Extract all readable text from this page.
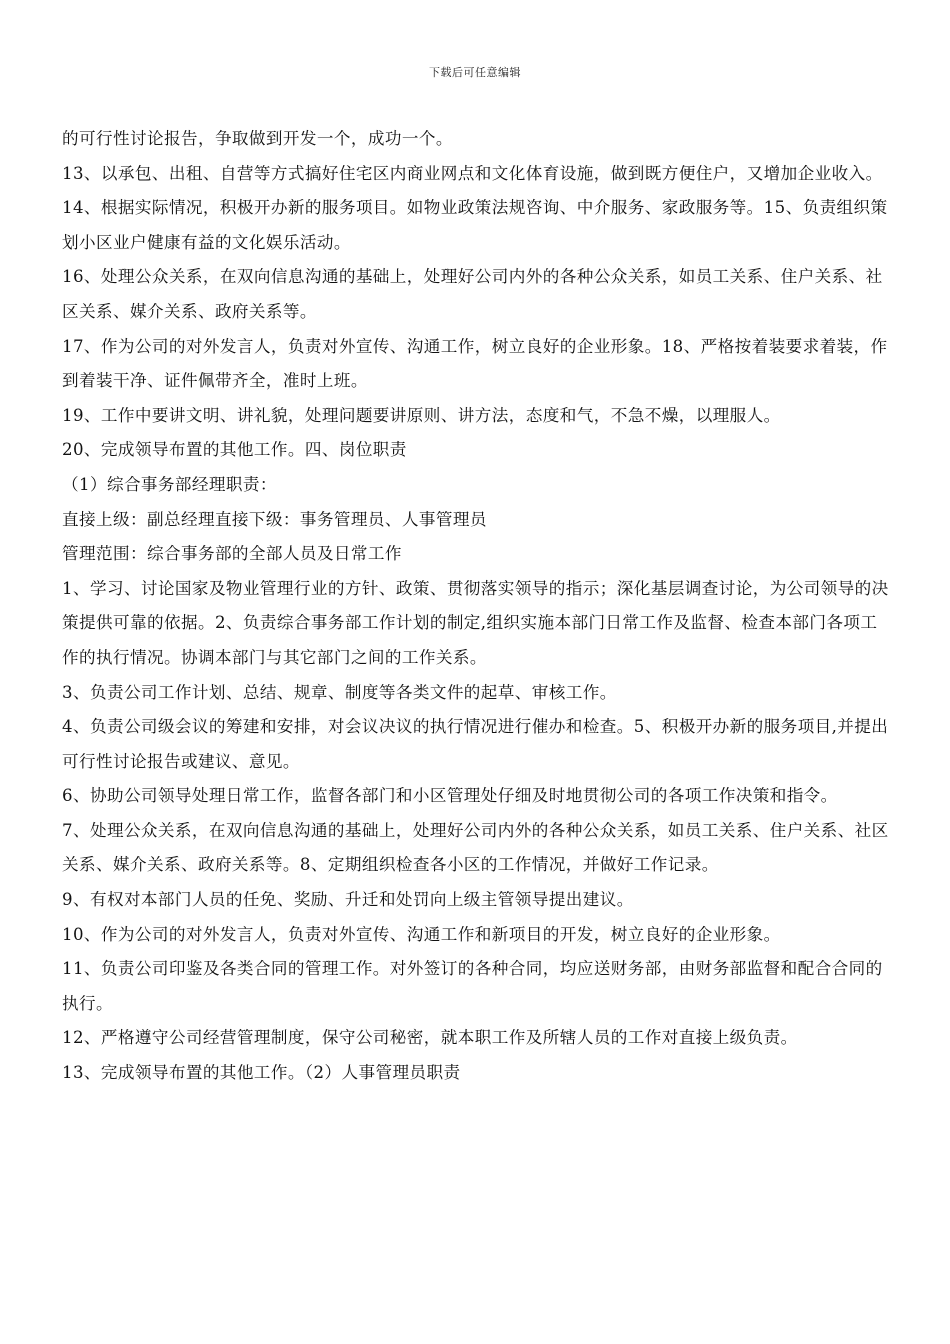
下载后可任意编辑

的可行性讨论报告，争取做到开发一个，成功一个。

13、以承包、出租、自营等方式搞好住宅区内商业网点和文化体育设施，做到既方便住户，又增加企业收入。

14、根据实际情况，积极开办新的服务项目。如物业政策法规咨询、中介服务、家政服务等。15、负责组织策划小区业户健康有益的文化娱乐活动。

16、处理公众关系，在双向信息沟通的基础上，处理好公司内外的各种公众关系，如员工关系、住户关系、社区关系、媒介关系、政府关系等。

17、作为公司的对外发言人，负责对外宣传、沟通工作，树立良好的企业形象。18、严格按着装要求着装，作到着装干净、证件佩带齐全，准时上班。

19、工作中要讲文明、讲礼貌，处理问题要讲原则、讲方法，态度和气，不急不燥，以理服人。

20、完成领导布置的其他工作。四、岗位职责

（1）综合事务部经理职责：

直接上级：副总经理直接下级：事务管理员、人事管理员

管理范围：综合事务部的全部人员及日常工作

1、学习、讨论国家及物业管理行业的方针、政策、贯彻落实领导的指示；深化基层调查讨论，为公司领导的决策提供可靠的依据。2、负责综合事务部工作计划的制定,组织实施本部门日常工作及监督、检查本部门各项工作的执行情况。协调本部门与其它部门之间的工作关系。

3、负责公司工作计划、总结、规章、制度等各类文件的起草、审核工作。

4、负责公司级会议的筹建和安排，对会议决议的执行情况进行催办和检查。5、积极开办新的服务项目,并提出可行性讨论报告或建议、意见。

6、协助公司领导处理日常工作，监督各部门和小区管理处仔细及时地贯彻公司的各项工作决策和指令。

7、处理公众关系，在双向信息沟通的基础上，处理好公司内外的各种公众关系，如员工关系、住户关系、社区关系、媒介关系、政府关系等。8、定期组织检查各小区的工作情况，并做好工作记录。

9、有权对本部门人员的任免、奖励、升迁和处罚向上级主管领导提出建议。

10、作为公司的对外发言人，负责对外宣传、沟通工作和新项目的开发，树立良好的企业形象。

11、负责公司印鉴及各类合同的管理工作。对外签订的各种合同，均应送财务部，由财务部监督和配合合同的执行。

12、严格遵守公司经营管理制度，保守公司秘密，就本职工作及所辖人员的工作对直接上级负责。

13、完成领导布置的其他工作。（2）人事管理员职责
